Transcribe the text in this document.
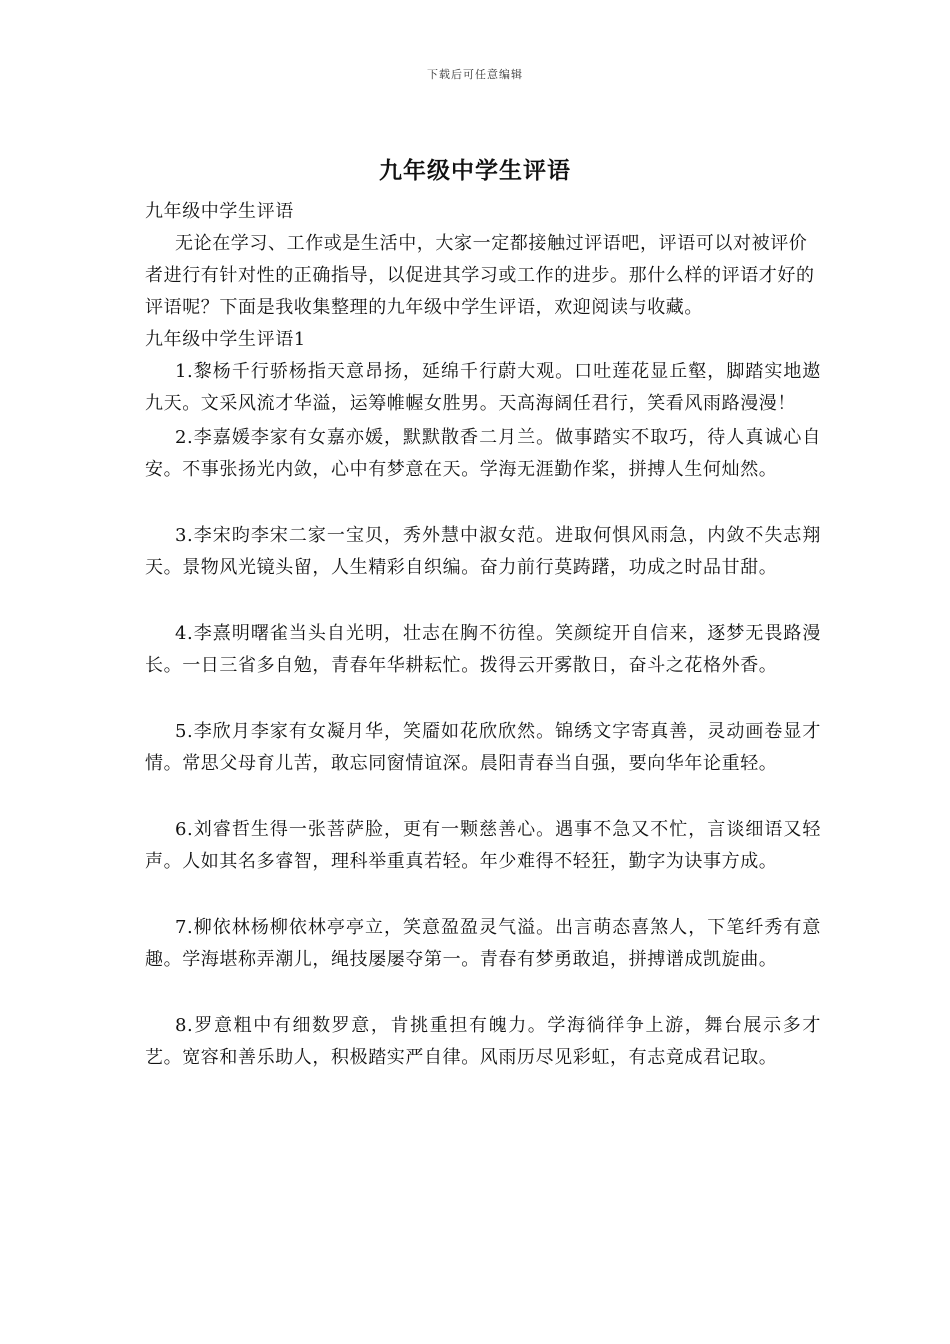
下载后可任意编辑
九年级中学生评语

九年级中学生评语

无论在学习、工作或是生活中，大家一定都接触过评语吧，评语可以对被评价者进行有针对性的正确指导，以促进其学习或工作的进步。那什么样的评语才好的评语呢？下面是我收集整理的九年级中学生评语，欢迎阅读与收藏。

九年级中学生评语1

1.黎杨千行骄杨指天意昂扬，延绵千行蔚大观。口吐莲花显丘壑，脚踏实地遨九天。文采风流才华溢，运筹帷幄女胜男。天高海阔任君行，笑看风雨路漫漫！

2.李嘉媛李家有女嘉亦媛，默默散香二月兰。做事踏实不取巧，待人真诚心自安。不事张扬光内敛，心中有梦意在天。学海无涯勤作桨，拼搏人生何灿然。

3.李宋昀李宋二家一宝贝，秀外慧中淑女范。进取何惧风雨急，内敛不失志翔天。景物风光镜头留，人生精彩自织编。奋力前行莫踌躇，功成之时品甘甜。

4.李熹明曙雀当头自光明，壮志在胸不彷徨。笑颜绽开自信来，逐梦无畏路漫长。一日三省多自勉，青春年华耕耘忙。拨得云开雾散日，奋斗之花格外香。

5.李欣月李家有女凝月华，笑靥如花欣欣然。锦绣文字寄真善，灵动画卷显才情。常思父母育儿苦，敢忘同窗情谊深。晨阳青春当自强，要向华年论重轻。

6.刘睿哲生得一张菩萨脸，更有一颗慈善心。遇事不急又不忙，言谈细语又轻声。人如其名多睿智，理科举重真若轻。年少难得不轻狂，勤字为诀事方成。

7.柳依林杨柳依林亭亭立，笑意盈盈灵气溢。出言萌态喜煞人，下笔纤秀有意趣。学海堪称弄潮儿，绳技屡屡夺第一。青春有梦勇敢追，拼搏谱成凯旋曲。

8.罗意粗中有细数罗意，肯挑重担有魄力。学海徜徉争上游，舞台展示多才艺。宽容和善乐助人，积极踏实严自律。风雨历尽见彩虹，有志竟成君记取。
